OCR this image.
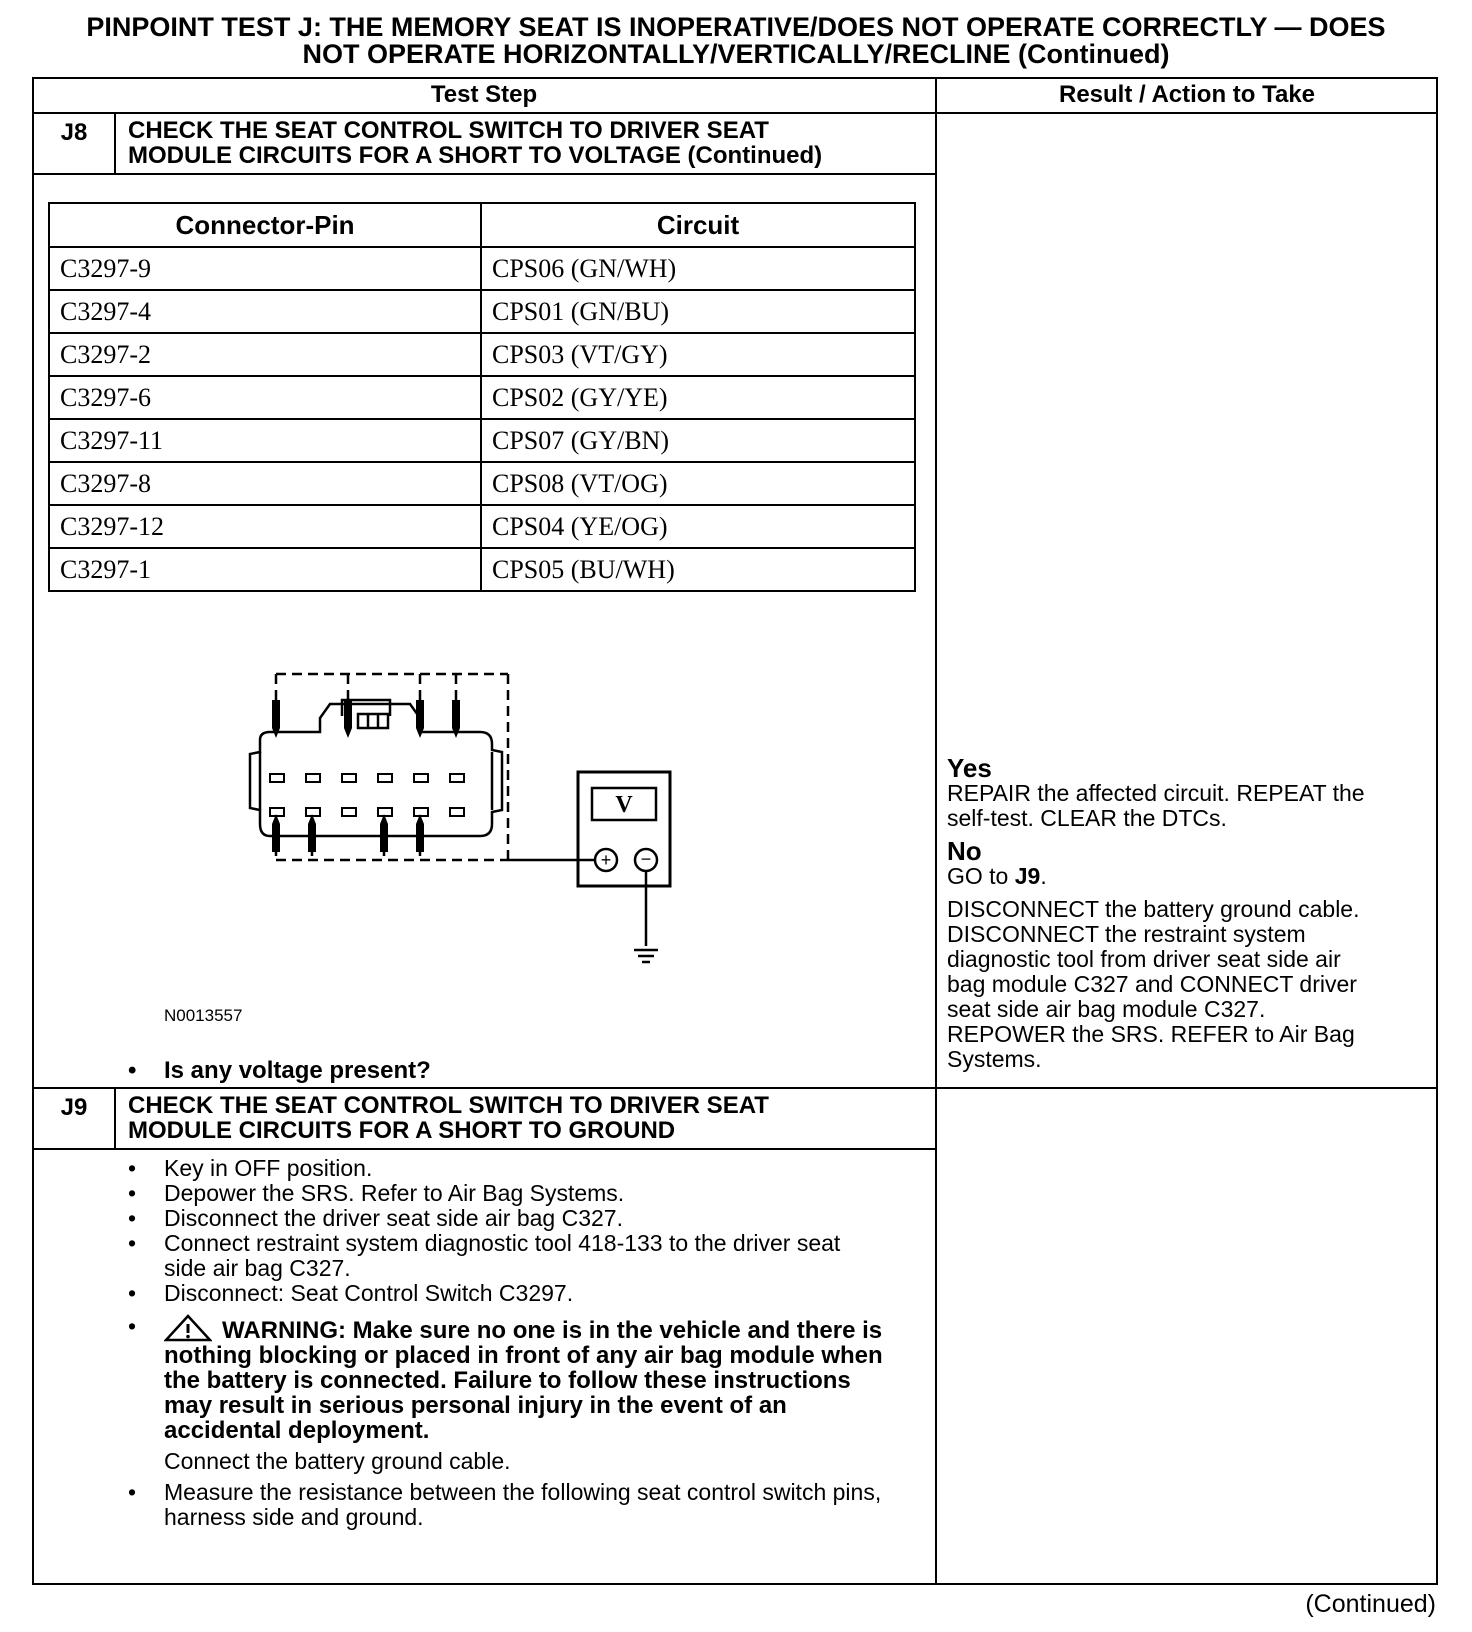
PINPOINT TEST J: THE MEMORY SEAT IS INOPERATIVE/DOES NOT OPERATE CORRECTLY — DOES
NOT OPERATE HORIZONTALLY/VERTICALLY/RECLINE (Continued)
Test Step	Result / Action to Take
J8	CHECK THE SEAT CONTROL SWITCH TO DRIVER SEAT
MODULE CIRCUITS FOR A SHORT TO VOLTAGE (Continued)
Connector-Pin	Circuit
C3297-9	CPS06 (GN/WH)
C3297-4	CPS01 (GN/BU)
C3297-2	CPS03 (VT/GY)
C3297-6	CPS02 (GY/YE)
C3297-11	CPS07 (GY/BN)
C3297-8	CPS08 (VT/OG)
C3297-12	CPS04 (YE/OG)
C3297-1	CPS05 (BU/WH)
V
+ −
N0013557
• Is any voltage present?
Yes
REPAIR the affected circuit. REPEAT the
self-test. CLEAR the DTCs.
No
GO to J9.
DISCONNECT the battery ground cable.
DISCONNECT the restraint system
diagnostic tool from driver seat side air
bag module C327 and CONNECT driver
seat side air bag module C327.
REPOWER the SRS. REFER to Air Bag
Systems.
J9	CHECK THE SEAT CONTROL SWITCH TO DRIVER SEAT
MODULE CIRCUITS FOR A SHORT TO GROUND
• Key in OFF position.
• Depower the SRS. Refer to Air Bag Systems.
• Disconnect the driver seat side air bag C327.
• Connect restraint system diagnostic tool 418-133 to the driver seat side air bag C327.
• Disconnect: Seat Control Switch C3297.
•	WARNING: Make sure no one is in the vehicle and there is nothing blocking or placed in front of any air bag module when the battery is connected. Failure to follow these instructions may result in serious personal injury in the event of an accidental deployment.
Connect the battery ground cable.
• Measure the resistance between the following seat control switch pins, harness side and ground.
(Continued)
